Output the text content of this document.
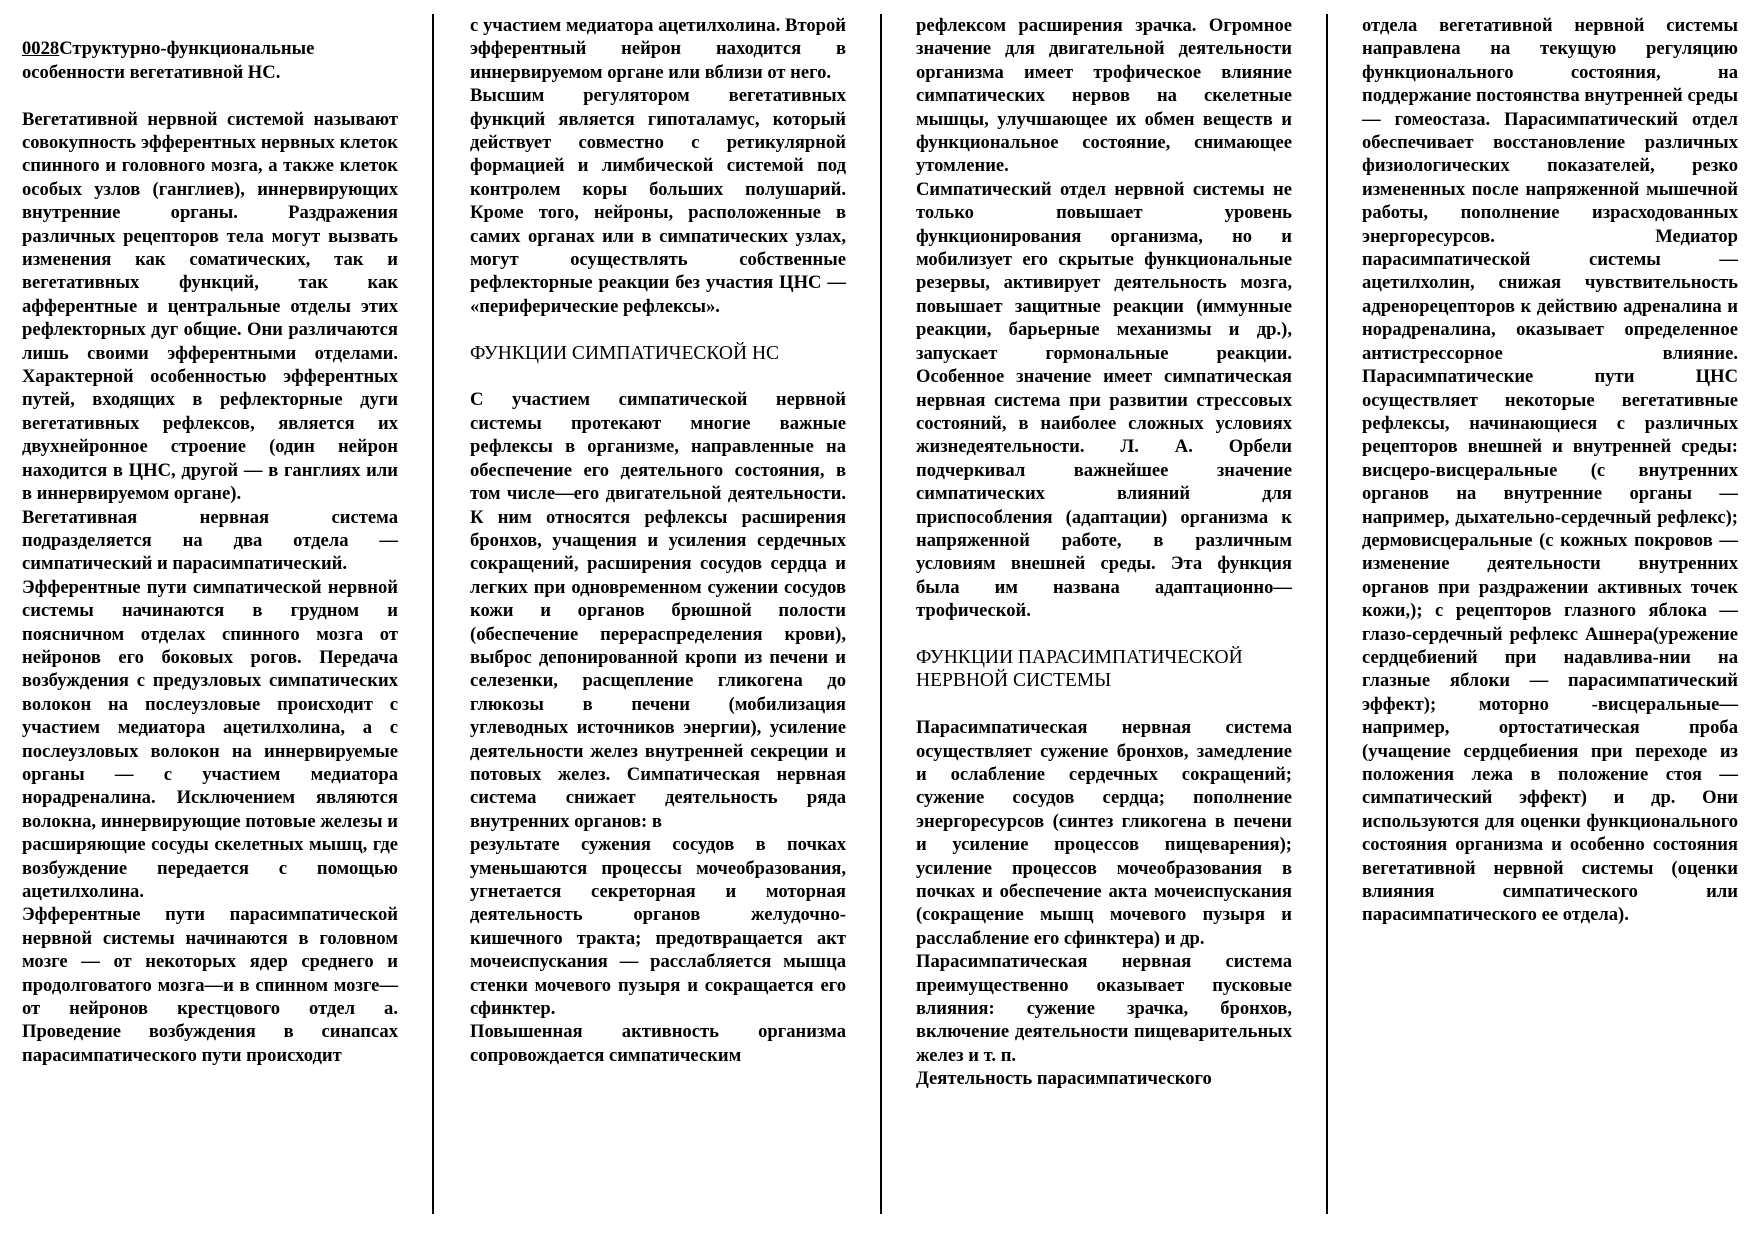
0028Структурно-функциональные особенности вегетативной НС.

Вегетативной нервной системой называют совокупность эфферентных нервных клеток спинного и головного мозга, а также клеток особых узлов (ганглиев), иннервирующих внутренние органы. Раздражения различных рецепторов тела могут вызвать изменения как соматических, так и вегетативных функций, так как афферентные и центральные отделы этих рефлекторных дуг общие. Они различаются лишь своими эфферентными отделами. Характерной особенностью эфферентных путей, входящих в рефлекторные дуги вегетативных рефлексов, является их двухнейронное строение (один нейрон находится в ЦНС, другой — в ганглиях или в иннервируемом органе).

Вегетативная нервная система подразделяется на два отдела — симпатический и парасимпатический.

Эфферентные пути симпатической нервной системы начинаются в грудном и поясничном отделах спинного мозга от нейронов его боковых рогов. Передача возбуждения с предузловых симпатических волокон на послеузловые происходит с участием медиатора ацетилхолина, а с послеузловых волокон на иннервируемые органы — с участием медиатора норадреналина. Исключением являются волокна, иннервирующие потовые железы и расширяющие сосуды скелетных мышц, где возбуждение передается с помощью ацетилхолина.

Эфферентные пути парасимпатической нервной системы начинаются в головном мозге — от некоторых ядер среднего и продолговатого мозга—и в спинном мозге—от нейронов крестцового отдел а. Проведение возбуждения в синапсах парасимпатического пути происходит

с участием медиатора ацетилхолина. Второй эфферентный нейрон находится в иннервируемом органе или вблизи от него.

Высшим регулятором вегетативных функций является гипоталамус, который действует совместно с ретикулярной формацией и лимбической системой под контролем коры больших полушарий. Кроме того, нейроны, расположенные в самих органах или в симпатических узлах, могут осуществлять собственные рефлекторные реакции без участия ЦНС — «периферические рефлексы».

ФУНКЦИИ СИМПАТИЧЕСКОЙ НС

С участием симпатической нервной системы протекают многие важные рефлексы в организме, направленные на обеспечение его деятельного состояния, в том числе—его двигательной деятельности. К ним относятся рефлексы расширения бронхов, учащения и усиления сердечных сокращений, расширения сосудов сердца и легких при одновременном сужении сосудов кожи и органов брюшной полости (обеспечение перераспределения крови), выброс депонированной кропи из печени и селезенки, расщепление гликогена до глюкозы в печени (мобилизация углеводных источников энергии), усиление деятельности желез внутренней секреции и потовых желез. Симпатическая нервная система снижает деятельность ряда внутренних органов: в

результате сужения сосудов в почках уменьшаются процессы мочеобразования, угнетается секреторная и моторная деятельность органов желудочно-кишечного тракта; предотвращается акт мочеиспускания — расслабляется мышца стенки мочевого пузыря и сокращается его сфинктер.

Повышенная активность организма сопровождается симпатическим

рефлексом расширения зрачка. Огромное значение для двигательной деятельности организма имеет трофическое влияние симпатических нервов на скелетные мышцы, улучшающее их обмен веществ и функциональное состояние, снимающее утомление.

Симпатический отдел нервной системы не только повышает уровень функционирования организма, но и мобилизует его скрытые функциональные резервы, активирует деятельность мозга, повышает защитные реакции (иммунные реакции, барьерные механизмы и др.), запускает гормональные реакции. Особенное значение имеет симпатическая нервная система при развитии стрессовых состояний, в наиболее сложных условиях жизнедеятельности. Л. А. Орбели подчеркивал важнейшее значение симпатических влияний для приспособления (адаптации) организма к напряженной работе, в различным условиям внешней среды. Эта функция была им названа адаптационно—трофической.

ФУНКЦИИ ПАРАСИМПАТИЧЕСКОЙ НЕРВНОЙ СИСТЕМЫ

Парасимпатическая нервная система осуществляет сужение бронхов, замедление и ослабление сердечных сокращений; сужение сосудов сердца; пополнение энергоресурсов (синтез гликогена в печени и усиление процессов пищеварения); усиление процессов мочеобразования в почках и обеспечение акта мочеиспускания (сокращение мышц мочевого пузыря и расслабление его сфинктера) и др.

Парасимпатическая нервная система преимущественно оказывает пусковые влияния: сужение зрачка, бронхов, включение деятельности пищеварительных желез и т. п.

Деятельность парасимпатического

отдела вегетативной нервной системы направлена на текущую регуляцию функционального состояния, на поддержание постоянства внутренней среды — гомеостаза. Парасимпатический отдел обеспечивает восстановление различных физиологических показателей, резко измененных после напряженной мышечной работы, пополнение израсходованных энергоресурсов. Медиатор парасимпатической системы — ацетилхолин, снижая чувствительность адренорецепторов к действию адреналина и норадреналина, оказывает определенное антистрессорное влияние. Парасимпатические пути ЦНС осуществляет некоторые вегетативные рефлексы, начинающиеся с различных рецепторов внешней и внутренней среды: висцеро-висцеральные (с внутренних органов на внутренние органы — например, дыхательно-сердечный рефлекс); дермовисцеральные (с кожных покровов —изменение деятельности внутренних органов при раздражении активных точек кожи,); с рецепторов глазного яблока — глазо-сердечный рефлекс Ашнера(урежение сердцебиений при надавлива-нии на глазные яблоки — парасимпатический эффект); моторно -висцеральные— например, ортостатическая проба (учащение сердцебиения при переходе из положения лежа в положение стоя — симпатический эффект) и др. Они используются для оценки функционального состояния организма и особенно состояния вегетативной нервной системы (оценки влияния симпатического или парасимпатического ее отдела).
